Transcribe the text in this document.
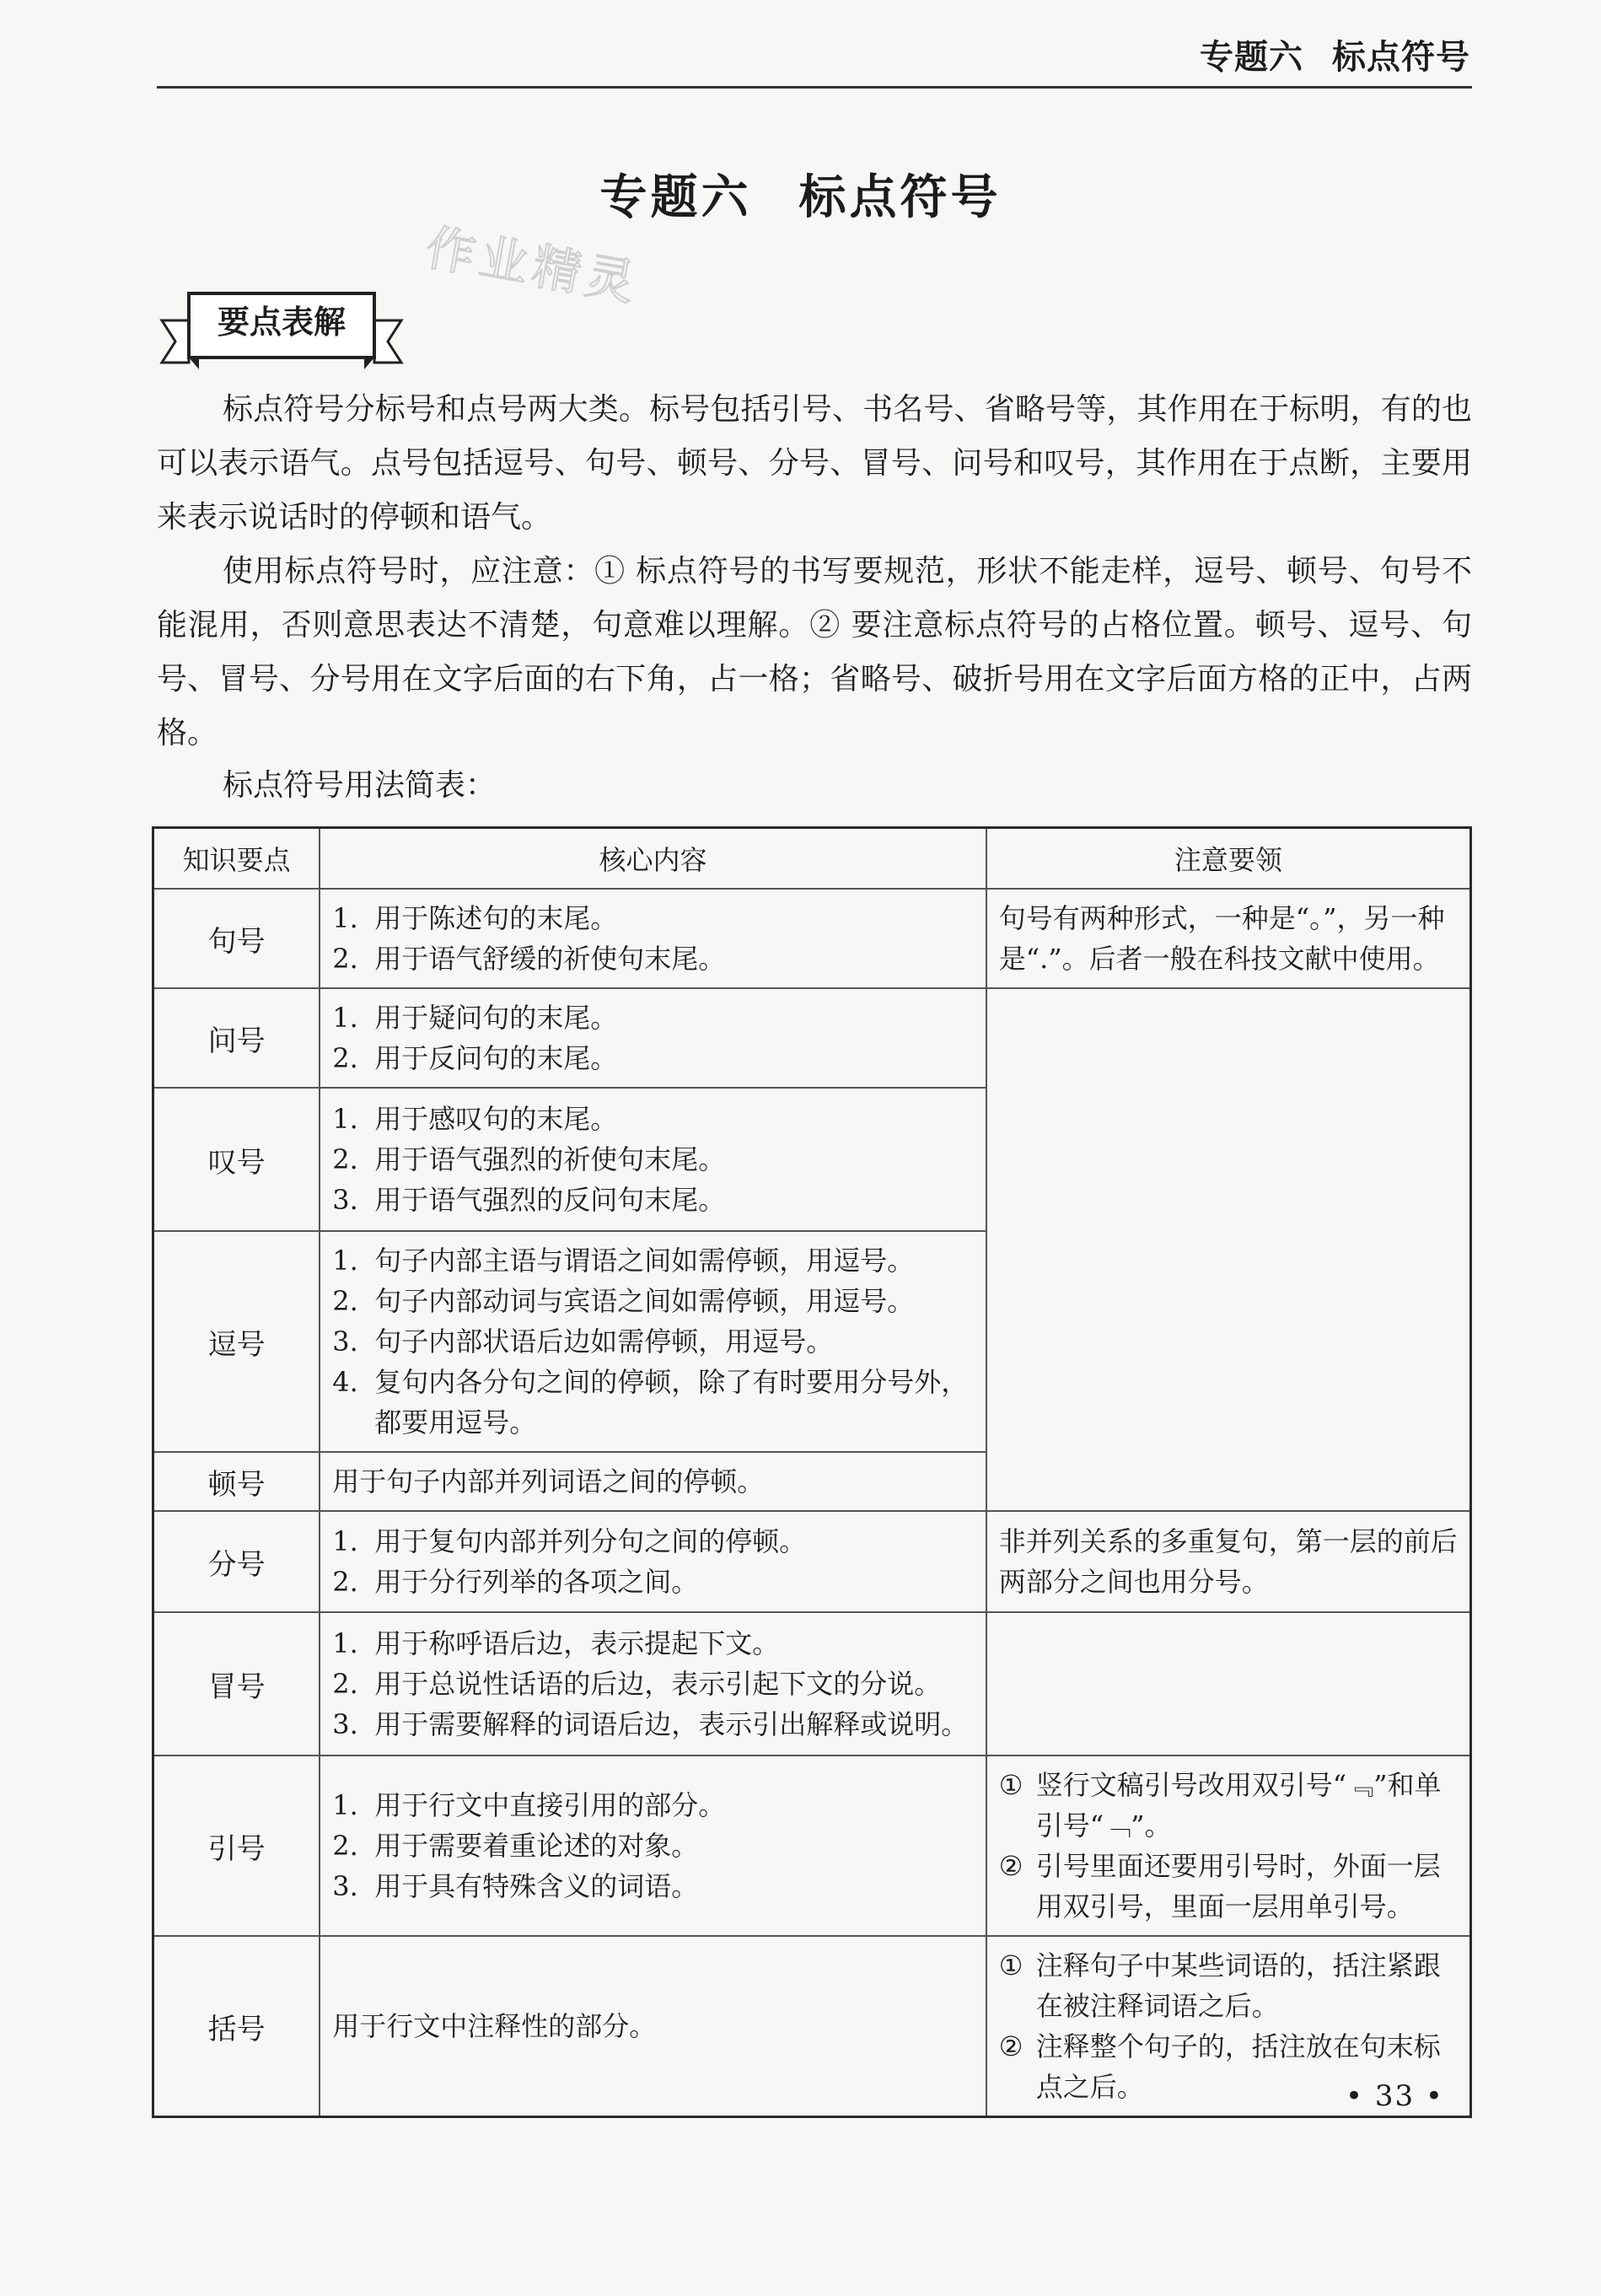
专题六 标点符号
专题六 标点符号
作业精灵
要点表解
标点符号分标号和点号两大类。标号包括引号、书名号、省略号等，其作用在于标明，有的也可以表示语气。点号包括逗号、句号、顿号、分号、冒号、问号和叹号，其作用在于点断，主要用来表示说话时的停顿和语气。
使用标点符号时，应注意：① 标点符号的书写要规范，形状不能走样，逗号、顿号、句号不能混用，否则意思表达不清楚，句意难以理解。② 要注意标点符号的占格位置。顿号、逗号、句号、冒号、分号用在文字后面的右下角，占一格；省略号、破折号用在文字后面方格的正中，占两格。
标点符号用法简表：
知识要点	核心内容	注意要领
句号	1. 用于陈述句的末尾。
2. 用于语气舒缓的祈使句末尾。	句号有两种形式，一种是“。”，另一种是“.”。后者一般在科技文献中使用。

问号	1. 用于疑问句的末尾。
2. 用于反问句的末尾。	

叹号	1. 用于感叹句的末尾。
2. 用于语气强烈的祈使句末尾。
3. 用于语气强烈的反问句末尾。	

逗号	1. 句子内部主语与谓语之间如需停顿，用逗号。
2. 句子内部动词与宾语之间如需停顿，用逗号。
3. 句子内部状语后边如需停顿，用逗号。
4. 复句内各分句之间的停顿，除了有时要用分号外，都要用逗号。	

顿号	用于句子内部并列词语之间的停顿。	

分号	1. 用于复句内部并列分句之间的停顿。
2. 用于分行列举的各项之间。	非并列关系的多重复句，第一层的前后两部分之间也用分号。

冒号	1. 用于称呼语后边，表示提起下文。
2. 用于总说性话语的后边，表示引起下文的分说。
3. 用于需要解释的词语后边，表示引出解释或说明。	

引号	1. 用于行文中直接引用的部分。
2. 用于需要着重论述的对象。
3. 用于具有特殊含义的词语。	① 竖行文稿引号改用双引号“﹃”和单引号“﹁”。
② 引号里面还要用引号时，外面一层用双引号，里面一层用单引号。

括号	用于行文中注释性的部分。	① 注释句子中某些词语的，括注紧跟在被注释词语之后。
② 注释整个句子的，括注放在句末标点之后。	• 33 •
